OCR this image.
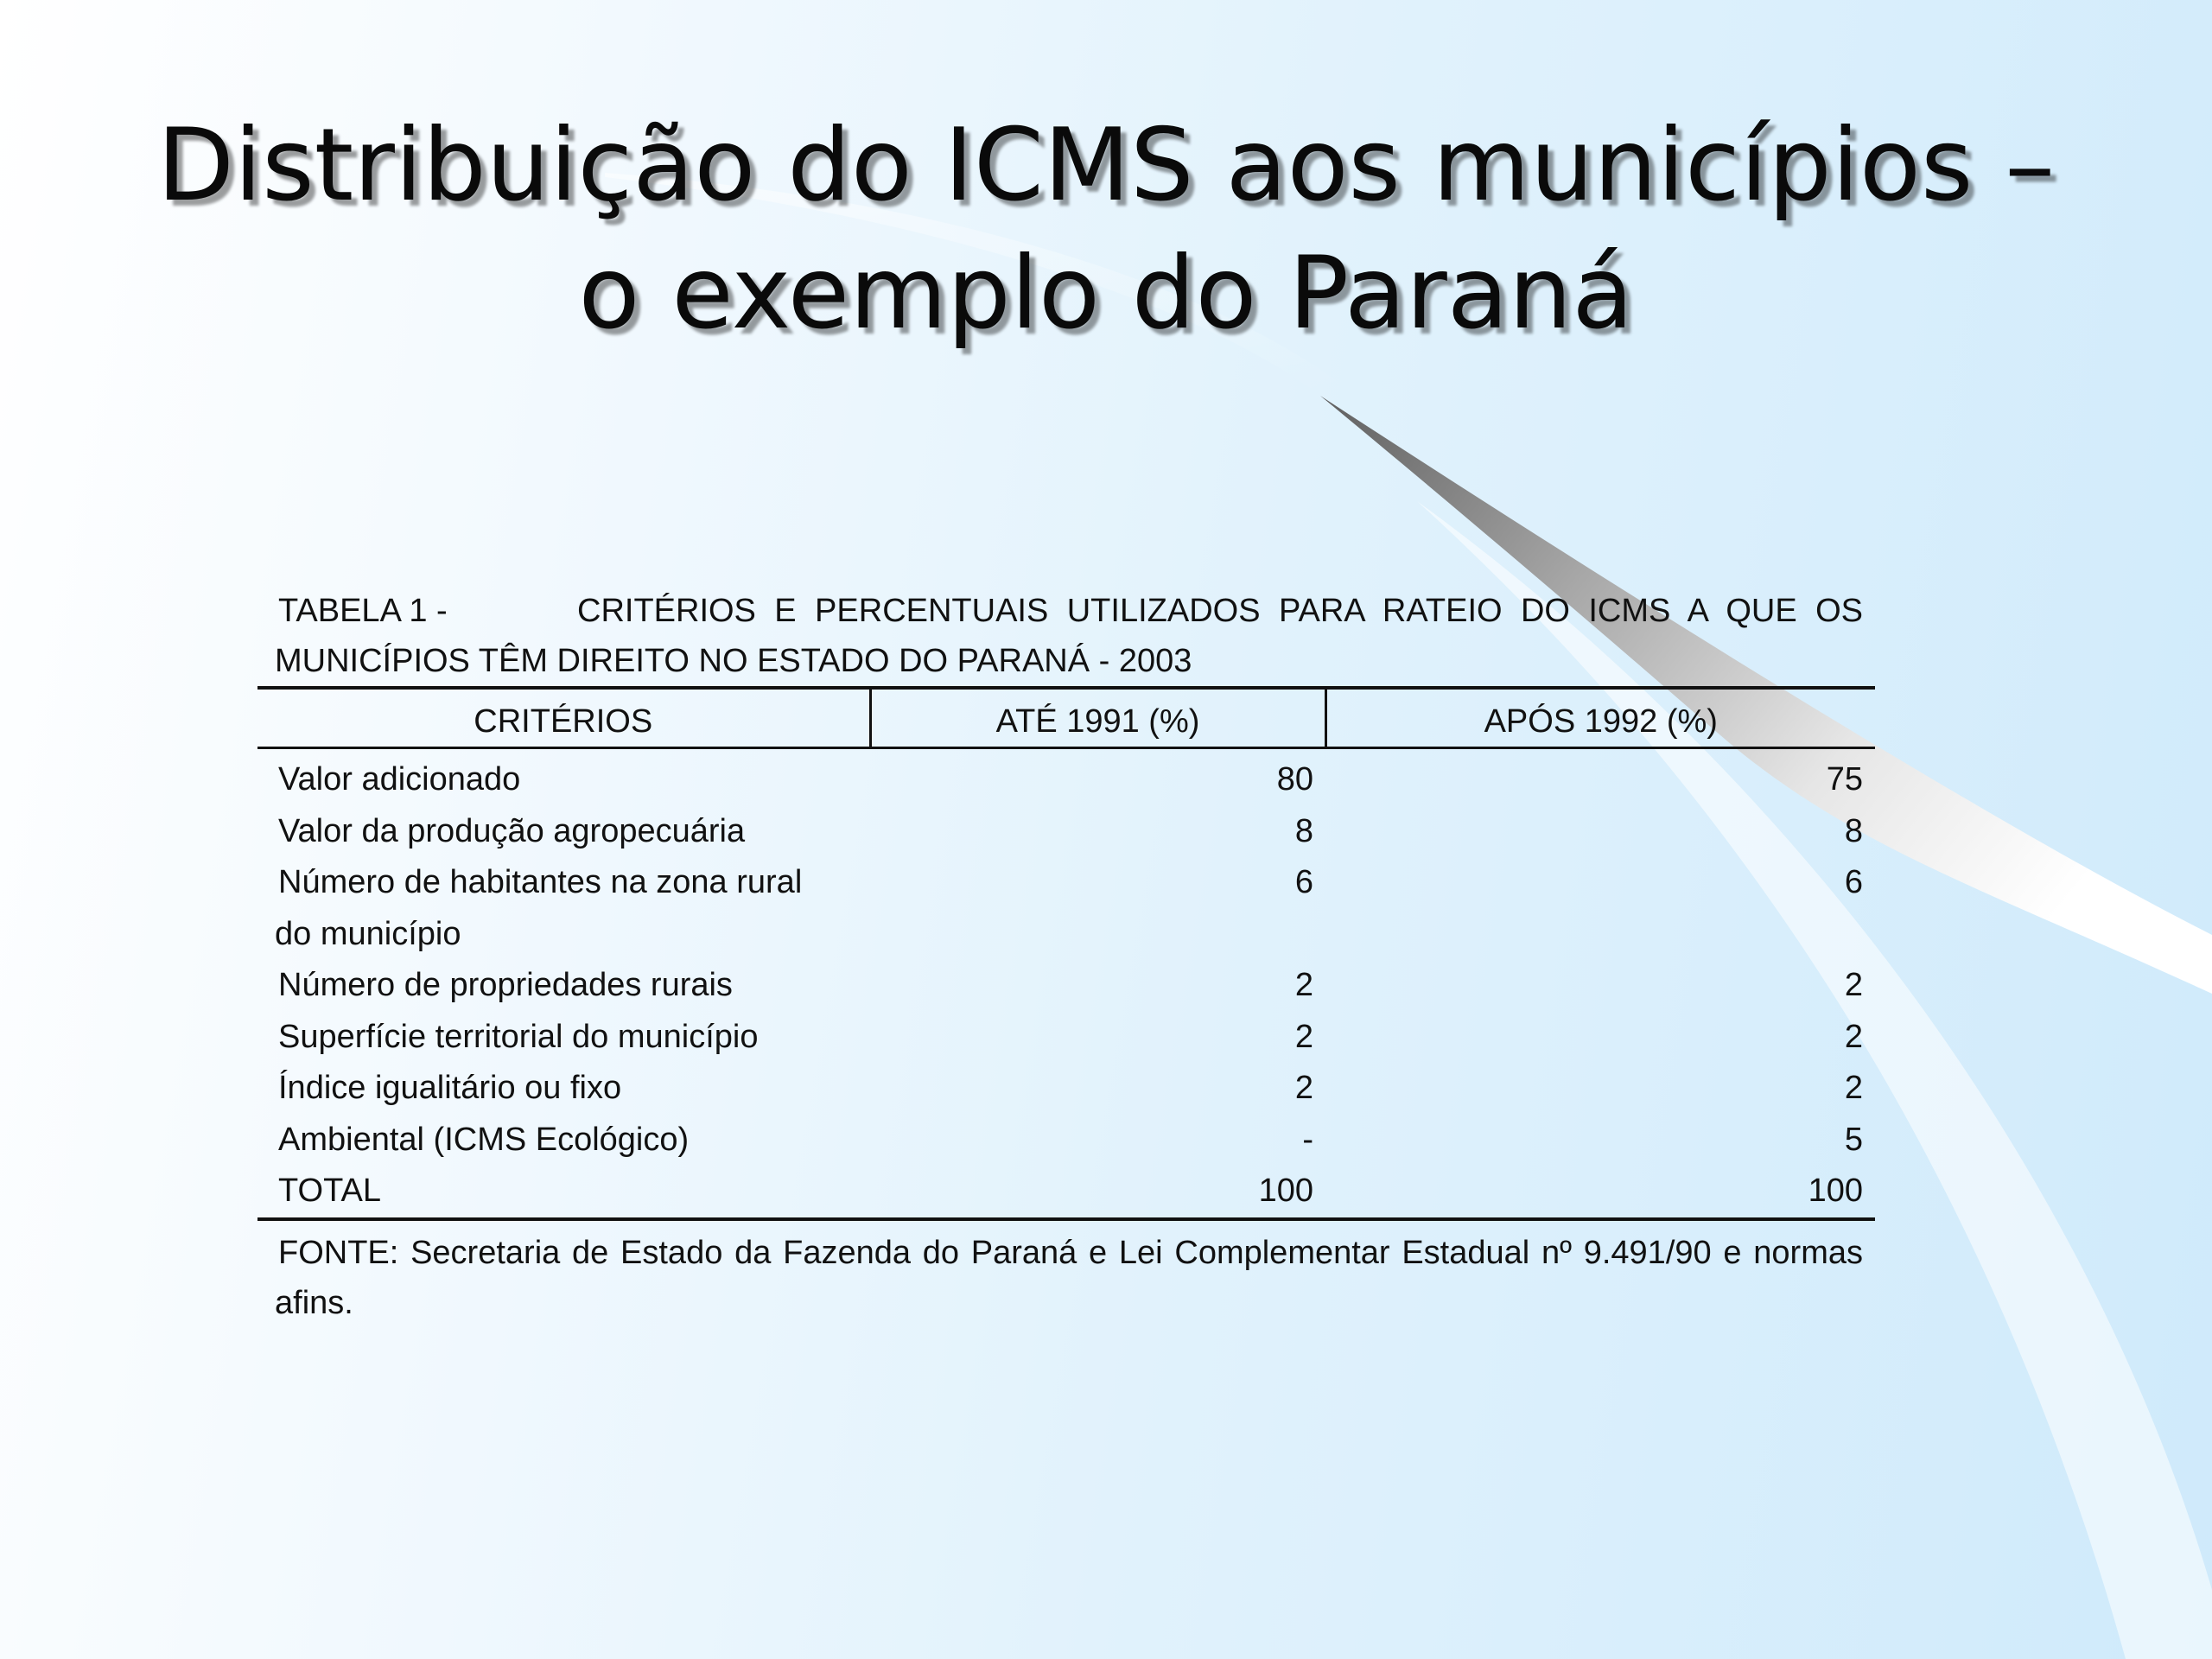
Distribuição do ICMS aos municípios –
o exemplo do Paraná
TABELA 1 -	CRITÉRIOS E PERCENTUAIS UTILIZADOS PARA RATEIO DO ICMS A QUE OS
MUNICÍPIOS TÊM DIREITO NO ESTADO DO PARANÁ - 2003
CRITÉRIOS	ATÉ 1991 (%)	APÓS 1992 (%)
Valor adicionado	80	75
Valor da produção agropecuária	8	8
Número de habitantes na zona rural	6	6
do município		
Número de propriedades rurais	2	2
Superfície territorial do município	2	2
Índice igualitário ou fixo	2	2
Ambiental (ICMS Ecológico)	-	5
TOTAL	100	100
FONTE: Secretaria de Estado da Fazenda do Paraná e Lei Complementar Estadual nº 9.491/90 e normas
afins.
